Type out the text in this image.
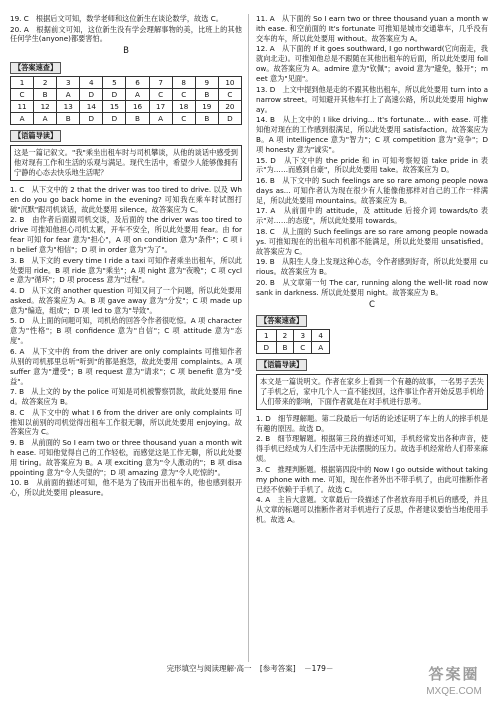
19. C　根据后文可知，数学老师和这位新生在谈论数学，故选 C。

20. A　根据前文可知，这位新生没有学会理解事物的美，比班上的其他任何学生(anyone)都要害怕。

B
【答案速查】
1	2	3	4	5	6	7	8	9	10
C	B	A	D	D	A	C	C	B	C
11	12	13	14	15	16	17	18	19	20
A	A	B	D	D	B	A	C	B	D
【语篇导读】

这是一篇记叙文。"我"乘坐出租车时与司机攀谈，从他的谈话中感受到他对现有工作和生活的乐观与满足。现代生活中，希望少人能够像拥有宁静的心态去快乐地生活呢？

1. C　从下文中的 2 that the driver was too tired to drive. 以及 When do you go back home in the evening? 可知我在乘车时试图打破"沉默"跟司机谈话，故此处要用 silence。故答案应为 C。

2. B　由作者后面跟司机交谈，及后面的 the driver was too tired to drive 可推知他担心司机太累，开车不安全，所以此处要用 fear。由 for fear 可知 for fear 意为"担心"，A 项 on condition 意为"条件"；C 项 in belief 意为"相信"；D 项 in order 意为"为了"。

3. B　从下文的 every time I ride a taxi 可知作者乘坐出租车，所以此处要用 ride。B 项 ride 意为"乘坐"；A 项 night 意为"夜晚"；C 项 cycle 意为"循环"；D 项 process 意为"过程"。

4. D　从下文的 another question 可知又问了一个问题，所以此处要用 asked。故答案应为 A。B 项 gave away 意为"分发"；C 项 made up 意为"编造，组成"；D 项 led to 意为"导致"。

5. D　从上面的问题可知，司机给的回答令作者很吃惊。A 项 character 意为"性格"；B 项 confidence 意为"自信"；C 项 attitude 意为"态度"。

6. A　从下文中的 from the driver are only complaints 可推知作者从别的司机那里总听"听到"的都是抱怨，故此处要用 complaints。A 项 suffer 意为"遭受"；B 项 request 意为"请求"；C 项 benefit 意为"受益"。

7. B　从上文的 by the police 可知是司机被警察罚款，故此处要用 fined。故答案应为 B。

8. C　从下文中的 what I 6 from the driver are only complaints 可推知以前别的司机觉得出租车工作很无聊，所以此处要用 enjoying。故答案应为 C。

9. B　从前面的 So I earn two or three thousand yuan a month with ease. 可知他觉得自己的工作轻松，而感觉这是工作无聊，所以此处要用 tiring。故答案应为 B。A 项 exciting 意为"令人激动的"；B 项 disappointing 意为"令人失望的"；D 项 amazing 意为"令人吃惊的"。

10. B　从前面的描述可知，他不是为了钱而开出租车的，他也感到很开心，所以此处要用 pleasure。

11. A　从下面的 So I earn two or three thousand yuan a month with ease. 和空前面的 It's fortunate 可推知是城市交通靠车，几乎没有交车的车，所以此处要用 without。故答案应为 A。

12. A　从下面的 If it goes southward, I go northward(它向南走，我就向北走)。可推知他总是不跟随在其他出租车的后面，所以此处要用 follow。故答案应为 A。admire 意为"钦佩"；avoid 意为"避免，躲开"；meet 意为"见面"。

13. D　上文中提到他是走的不跟其他出租车，所以此处要用 turn into a narrow street。可知避开其他车打上了高速公路，所以此处要用 highway。

14. B　从上文中的 I like driving... It's fortunate... with ease. 可推知他对现在的工作感到很满足，所以此处要用 satisfaction。故答案应为 B。A 项 intelligence 意为"智力"；C 项 competition 意为"竞争"；D 项 honesty 意为"诚实"。

15. D　从下文中的 the pride 和 in 可知考察短语 take pride in 表示"为……而感到自豪"，所以此处要用 take。故答案应为 D。

16. B　从下文中的 Such feelings are so rare among people nowadays as... 可知作者认为现在很少有人能像他那样对自己的工作一样满足，所以此处要用 mountains。故答案应为 B。

17. A　从前面中的 attitude，及 attitude 后接介词 towards/to 表示"对……的态度"，所以此处要用 towards。

18. C　从上面的 Such feelings are so rare among people nowadays. 可推知现在的出租车司机都不能满足，所以此处要用 unsatisfied。故答案应为 C。

19. B　从阳生人身上发现这种心态，令作者感到好奇，所以此处要用 curious。故答案应为 B。

20. B　从文章第一句 The car, running along the well-lit road now sank in darkness. 所以此处要用 night。故答案应为 B。

C
【答案速查】
1	2	3	4
D	B	C	A
【语篇导读】

本文是一篇说明文。作者在家乡上看到一个有趣的故事，一名男子丢失了手机之后，家中几个人一直不能找回，这件事让作者开始反思手机给人们带来的影响，下面作者就是在对手机进行思考。

1. D　细节理解题。第二段最后一句话的论述证明了车上的人的摔手机是有趣的原因。故选 D。

2. B　细节理解题。根据第三段的描述可知，手机经常发出各种声音，使得手机已经成为人们生活中无法摆脱的压力。故选手机经常给人们带来麻烦。

3. C　推理判断题。根据第四段中的 Now I go outside without taking my phone with me. 可知，现在作者外出不带手机了，由此可推断作者已经不依赖于手机了。故选 C。

4. A　主旨大意题。文章最后一段描述了作者放弃用手机后的感受，并且从文章的标题可以推断作者对手机进行了反思，作者建议要恰当地使用手机。故选 A。

完形填空与阅读理解·高一 [参考答案] －179－	答案圈
MXQE.COM
